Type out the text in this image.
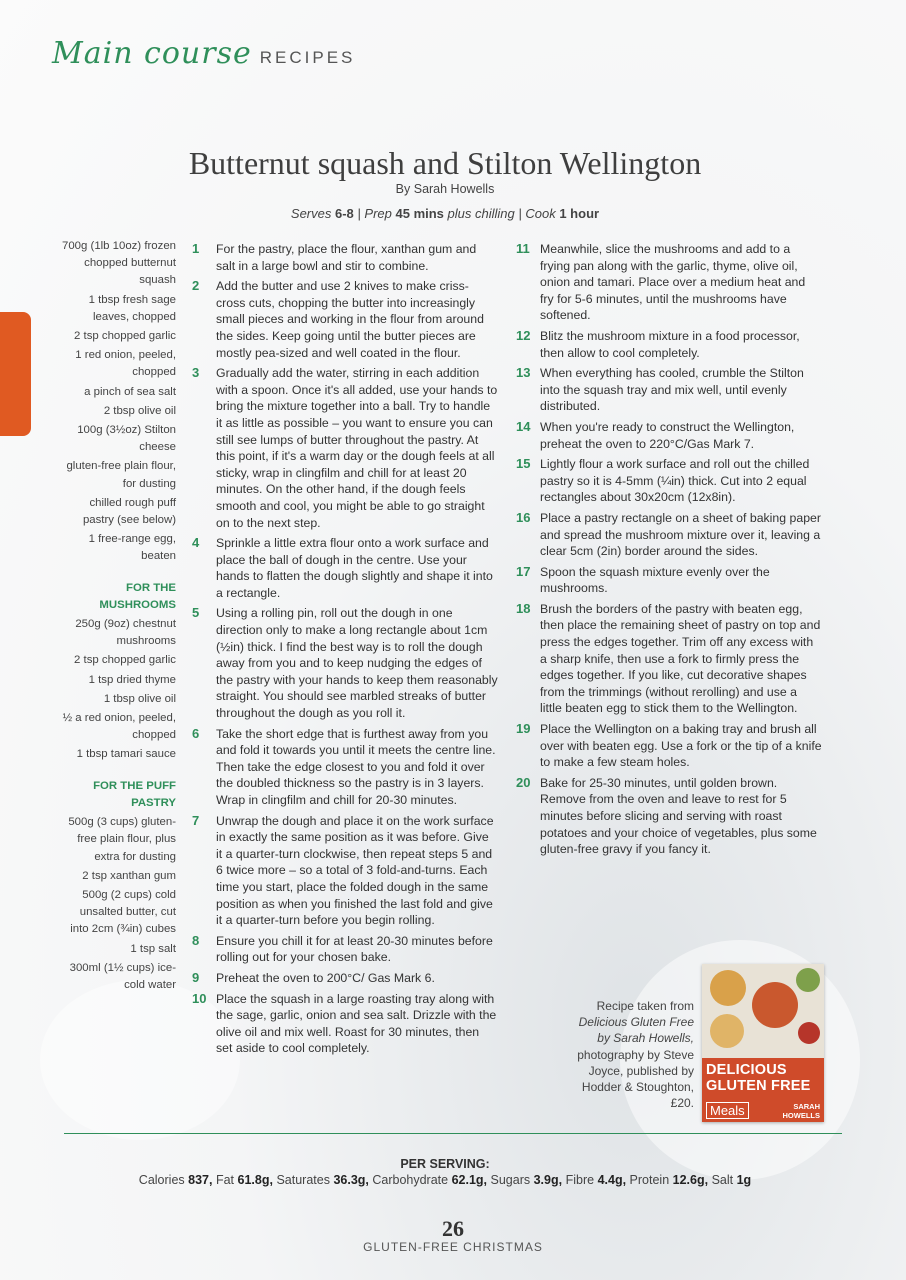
Main course RECIPES
Butternut squash and Stilton Wellington
By Sarah Howells
Serves 6-8 | Prep 45 mins plus chilling | Cook 1 hour
700g (1lb 10oz) frozen chopped butternut squash
1 tbsp fresh sage leaves, chopped
2 tsp chopped garlic
1 red onion, peeled, chopped
a pinch of sea salt
2 tbsp olive oil
100g (3½oz) Stilton cheese
gluten-free plain flour, for dusting
chilled rough puff pastry (see below)
1 free-range egg, beaten
FOR THE MUSHROOMS
250g (9oz) chestnut mushrooms
2 tsp chopped garlic
1 tsp dried thyme
1 tbsp olive oil
½ a red onion, peeled, chopped
1 tbsp tamari sauce
FOR THE PUFF PASTRY
500g (3 cups) gluten-free plain flour, plus extra for dusting
2 tsp xanthan gum
500g (2 cups) cold unsalted butter, cut into 2cm (¾in) cubes
1 tsp salt
300ml (1½ cups) ice-cold water
1	For the pastry, place the flour, xanthan gum and salt in a large bowl and stir to combine.
2	Add the butter and use 2 knives to make criss-cross cuts, chopping the butter into increasingly small pieces and working in the flour from around the sides. Keep going until the butter pieces are mostly pea-sized and well coated in the flour.
3	Gradually add the water, stirring in each addition with a spoon. Once it's all added, use your hands to bring the mixture together into a ball. Try to handle it as little as possible – you want to ensure you can still see lumps of butter throughout the pastry. At this point, if it's a warm day or the dough feels at all sticky, wrap in clingfilm and chill for at least 20 minutes. On the other hand, if the dough feels smooth and cool, you might be able to go straight on to the next step.
4	Sprinkle a little extra flour onto a work surface and place the ball of dough in the centre. Use your hands to flatten the dough slightly and shape it into a rectangle.
5	Using a rolling pin, roll out the dough in one direction only to make a long rectangle about 1cm (½in) thick. I find the best way is to roll the dough away from you and to keep nudging the edges of the pastry with your hands to keep them reasonably straight. You should see marbled streaks of butter throughout the dough as you roll it.
6	Take the short edge that is furthest away from you and fold it towards you until it meets the centre line. Then take the edge closest to you and fold it over the doubled thickness so the pastry is in 3 layers. Wrap in clingfilm and chill for 20-30 minutes.
7	Unwrap the dough and place it on the work surface in exactly the same position as it was before. Give it a quarter-turn clockwise, then repeat steps 5 and 6 twice more – so a total of 3 fold-and-turns. Each time you start, place the folded dough in the same position as when you finished the last fold and give it a quarter-turn before you begin rolling.
8	Ensure you chill it for at least 20-30 minutes before rolling out for your chosen bake.
9	Preheat the oven to 200°C/ Gas Mark 6.
10 Place the squash in a large roasting tray along with the sage, garlic, onion and sea salt. Drizzle with the olive oil and mix well. Roast for 30 minutes, then set aside to cool completely.
11 Meanwhile, slice the mushrooms and add to a frying pan along with the garlic, thyme, olive oil, onion and tamari. Place over a medium heat and fry for 5-6 minutes, until the mushrooms have softened.
12 Blitz the mushroom mixture in a food processor, then allow to cool completely.
13 When everything has cooled, crumble the Stilton into the squash tray and mix well, until evenly distributed.
14 When you're ready to construct the Wellington, preheat the oven to 220°C/Gas Mark 7.
15 Lightly flour a work surface and roll out the chilled pastry so it is 4-5mm (¼in) thick. Cut into 2 equal rectangles about 30x20cm (12x8in).
16 Place a pastry rectangle on a sheet of baking paper and spread the mushroom mixture over it, leaving a clear 5cm (2in) border around the sides.
17 Spoon the squash mixture evenly over the mushrooms.
18 Brush the borders of the pastry with beaten egg, then place the remaining sheet of pastry on top and press the edges together. Trim off any excess with a sharp knife, then use a fork to firmly press the edges together. If you like, cut decorative shapes from the trimmings (without rerolling) and use a little beaten egg to stick them to the Wellington.
19 Place the Wellington on a baking tray and brush all over with beaten egg. Use a fork or the tip of a knife to make a few steam holes.
20 Bake for 25-30 minutes, until golden brown. Remove from the oven and leave to rest for 5 minutes before slicing and serving with roast potatoes and your choice of vegetables, plus some gluten-free gravy if you fancy it.
Recipe taken from Delicious Gluten Free by Sarah Howells, photography by Steve Joyce, published by Hodder & Stoughton, £20.
DELICIOUS
GLUTEN FREE
Meals	SARAH
HOWELLS
PER SERVING:
Calories 837, Fat 61.8g, Saturates 36.3g, Carbohydrate 62.1g, Sugars 3.9g, Fibre 4.4g, Protein 12.6g, Salt 1g
26
GLUTEN-FREE CHRISTMAS
